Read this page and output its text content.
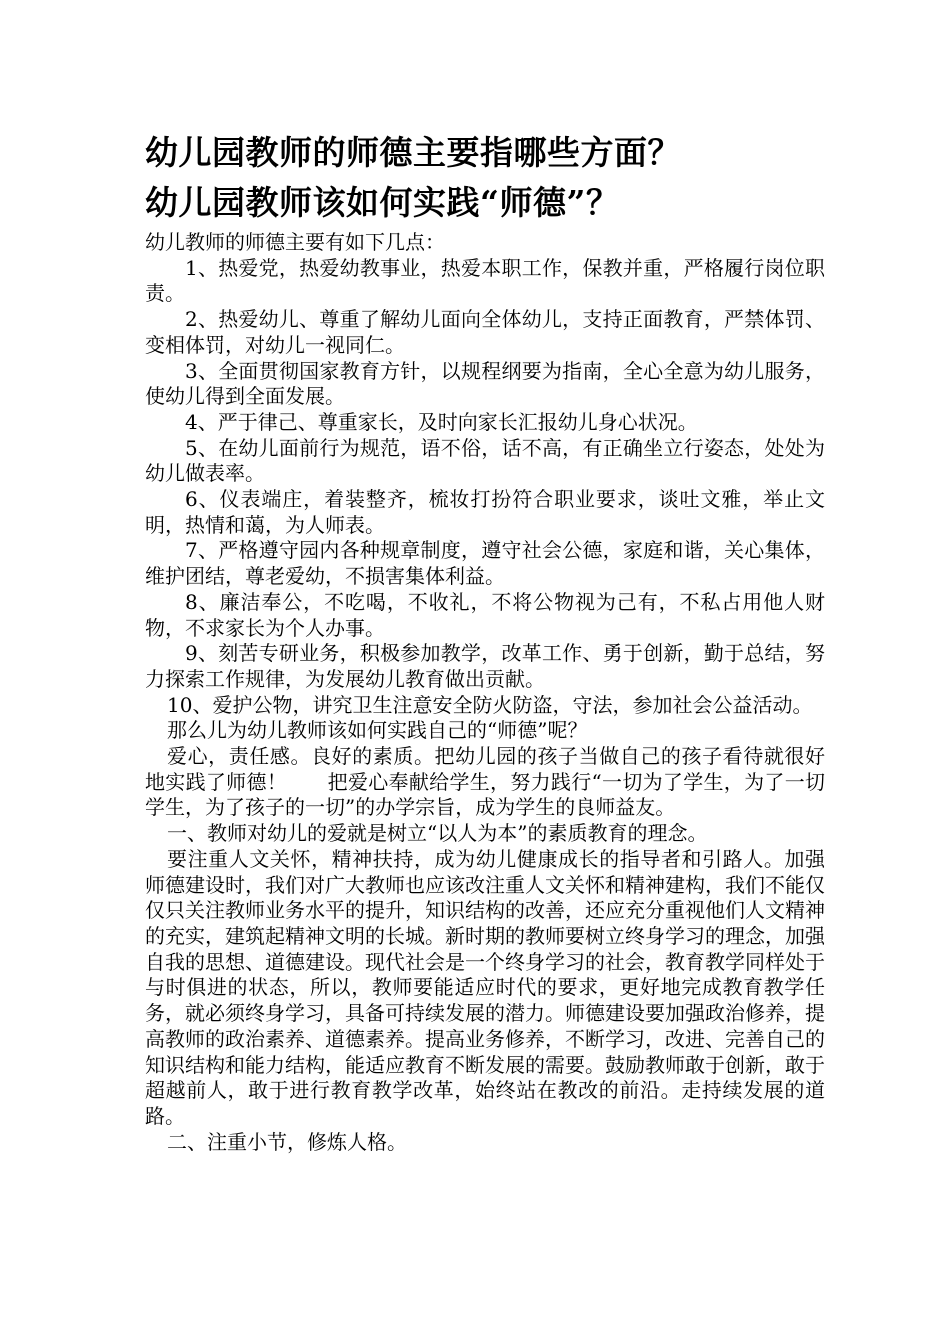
幼儿园教师的师德主要指哪些方面？
幼儿园教师该如何实践“师德”？

幼儿教师的师德主要有如下几点：

1、热爱党，热爱幼教事业，热爱本职工作，保教并重，严格履行岗位职责。

2、热爱幼儿、尊重了解幼儿面向全体幼儿，支持正面教育，严禁体罚、变相体罚，对幼儿一视同仁。

3、全面贯彻国家教育方针，以规程纲要为指南，全心全意为幼儿服务，使幼儿得到全面发展。

4、严于律己、尊重家长，及时向家长汇报幼儿身心状况。

5、在幼儿面前行为规范，语不俗，话不高，有正确坐立行姿态，处处为幼儿做表率。

6、仪表端庄，着装整齐，梳妆打扮符合职业要求，谈吐文雅，举止文明，热情和蔼，为人师表。

7、严格遵守园内各种规章制度，遵守社会公德，家庭和谐，关心集体，维护团结，尊老爱幼，不损害集体利益。

8、廉洁奉公，不吃喝，不收礼，不将公物视为己有，不私占用他人财物，不求家长为个人办事。

9、刻苦专研业务，积极参加教学，改革工作、勇于创新，勤于总结，努力探索工作规律，为发展幼儿教育做出贡献。

10、爱护公物，讲究卫生注意安全防火防盗，守法，参加社会公益活动。

那么儿为幼儿教师该如何实践自己的“师德”呢？

爱心，责任感。良好的素质。把幼儿园的孩子当做自己的孩子看待就很好地实践了师德！　　把爱心奉献给学生，努力践行“一切为了学生，为了一切学生，为了孩子的一切”的办学宗旨，成为学生的良师益友。

一、教师对幼儿的爱就是树立“以人为本”的素质教育的理念。

要注重人文关怀，精神扶持，成为幼儿健康成长的指导者和引路人。加强师德建设时，我们对广大教师也应该改注重人文关怀和精神建构，我们不能仅仅只关注教师业务水平的提升，知识结构的改善，还应充分重视他们人文精神的充实，建筑起精神文明的长城。新时期的教师要树立终身学习的理念，加强自我的思想、道德建设。现代社会是一个终身学习的社会，教育教学同样处于与时俱进的状态，所以，教师要能适应时代的要求，更好地完成教育教学任务，就必须终身学习，具备可持续发展的潜力。师德建设要加强政治修养，提高教师的政治素养、道德素养。提高业务修养，不断学习，改进、完善自己的知识结构和能力结构，能适应教育不断发展的需要。鼓励教师敢于创新，敢于超越前人，敢于进行教育教学改革，始终站在教改的前沿。走持续发展的道路。

二、注重小节，修炼人格。
